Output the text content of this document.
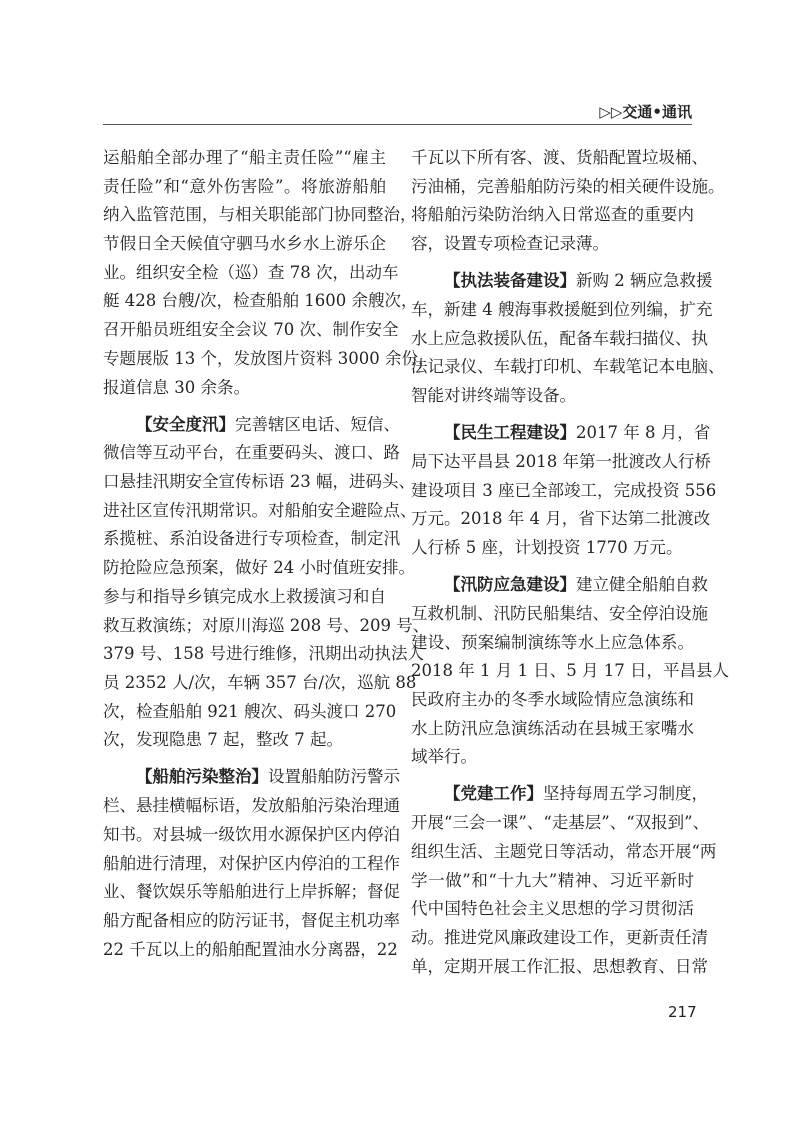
▷▷交通•通讯
运船舶全部办理了“船主责任险”“雇主
责任险”和“意外伤害险”。将旅游船舶
纳入监管范围，与相关职能部门协同整治，
节假日全天候值守驷马水乡水上游乐企
业。组织安全检（巡）查 78 次，出动车
艇 428 台艘/次，检查船舶 1600 余艘次，
召开船员班组安全会议 70 次、制作安全
专题展版 13 个，发放图片资料 3000 余份，
报道信息 30 余条。
【安全度汛】完善辖区电话、短信、
微信等互动平台，在重要码头、渡口、路
口悬挂汛期安全宣传标语 23 幅，进码头、
进社区宣传汛期常识。对船舶安全避险点、
系揽桩、系泊设备进行专项检查，制定汛
防抢险应急预案，做好 24 小时值班安排。
参与和指导乡镇完成水上救援演习和自
救互救演练；对原川海巡 208 号、209 号、
379 号、158 号进行维修，汛期出动执法人
员 2352 人/次，车辆 357 台/次，巡航 88
次，检查船舶 921 艘次、码头渡口 270
次，发现隐患 7 起，整改 7 起。
【船舶污染整治】设置船舶防污警示
栏、悬挂横幅标语，发放船舶污染治理通
知书。对县城一级饮用水源保护区内停泊
船舶进行清理，对保护区内停泊的工程作
业、餐饮娱乐等船舶进行上岸拆解；督促
船方配备相应的防污证书，督促主机功率
22 千瓦以上的船舶配置油水分离器，22
千瓦以下所有客、渡、货船配置垃圾桶、
污油桶，完善船舶防污染的相关硬件设施。
将船舶污染防治纳入日常巡查的重要内
容，设置专项检查记录薄。
【执法装备建设】新购 2 辆应急救援
车，新建 4 艘海事救援艇到位列编，扩充
水上应急救援队伍，配备车载扫描仪、执
法记录仪、车载打印机、车载笔记本电脑、
智能对讲终端等设备。
【民生工程建设】2017 年 8 月，省
局下达平昌县 2018 年第一批渡改人行桥
建设项目 3 座已全部竣工，完成投资 556
万元。2018 年 4 月，省下达第二批渡改
人行桥 5 座，计划投资 1770 万元。
【汛防应急建设】建立健全船舶自救
互救机制、汛防民船集结、安全停泊设施
建设、预案编制演练等水上应急体系。
2018 年 1 月 1 日、5 月 17 日，平昌县人
民政府主办的冬季水域险情应急演练和
水上防汛应急演练活动在县城王家嘴水
域举行。
【党建工作】坚持每周五学习制度，
开展“三会一课”、“走基层”、“双报到”、
组织生活、主题党日等活动，常态开展“两
学一做”和“十九大”精神、习近平新时
代中国特色社会主义思想的学习贯彻活
动。推进党风廉政建设工作，更新责任清
单，定期开展工作汇报、思想教育、日常
217
